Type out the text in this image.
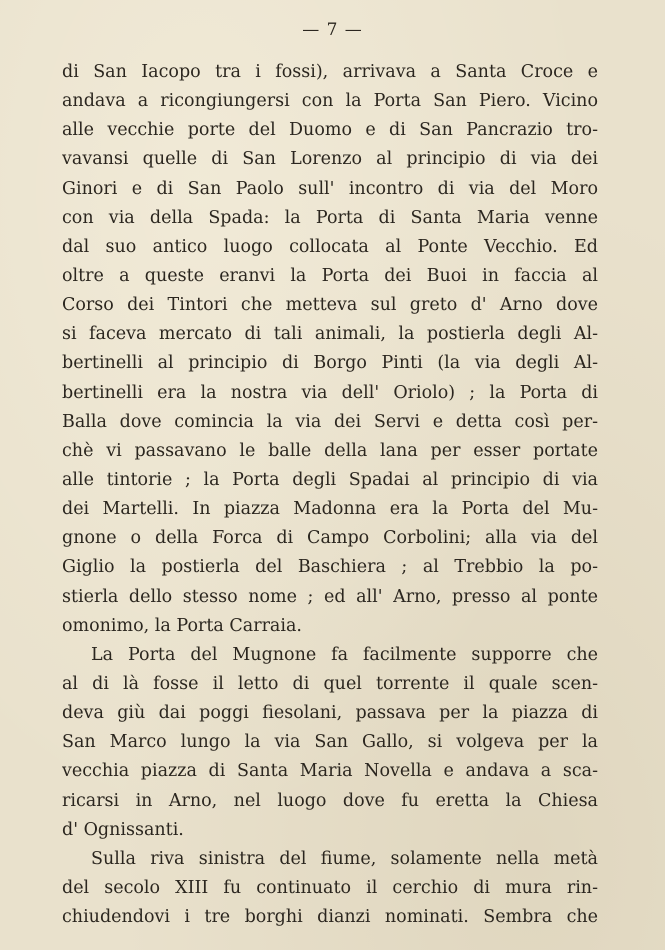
— 7 —
di San Iacopo tra i fossi), arrivava a Santa Croce e
andava a ricongiungersi con la Porta San Piero. Vicino
alle vecchie porte del Duomo e di San Pancrazio tro-
vavansi quelle di San Lorenzo al principio di via dei
Ginori e di San Paolo sull' incontro di via del Moro
con via della Spada: la Porta di Santa Maria venne
dal suo antico luogo collocata al Ponte Vecchio. Ed
oltre a queste eranvi la Porta dei Buoi in faccia al
Corso dei Tintori che metteva sul greto d' Arno dove
si faceva mercato di tali animali, la postierla degli Al-
bertinelli al principio di Borgo Pinti (la via degli Al-
bertinelli era la nostra via dell' Oriolo) ; la Porta di
Balla dove comincia la via dei Servi e detta così per-
chè vi passavano le balle della lana per esser portate
alle tintorie ; la Porta degli Spadai al principio di via
dei Martelli. In piazza Madonna era la Porta del Mu-
gnone o della Forca di Campo Corbolini; alla via del
Giglio la postierla del Baschiera ; al Trebbio la po-
stierla dello stesso nome ; ed all' Arno, presso al ponte
omonimo, la Porta Carraia.
La Porta del Mugnone fa facilmente supporre che
al di là fosse il letto di quel torrente il quale scen-
deva giù dai poggi fiesolani, passava per la piazza di
San Marco lungo la via San Gallo, si volgeva per la
vecchia piazza di Santa Maria Novella e andava a sca-
ricarsi in Arno, nel luogo dove fu eretta la Chiesa
d' Ognissanti.
Sulla riva sinistra del fiume, solamente nella metà
del secolo XIII fu continuato il cerchio di mura rin-
chiudendovi i tre borghi dianzi nominati. Sembra che
